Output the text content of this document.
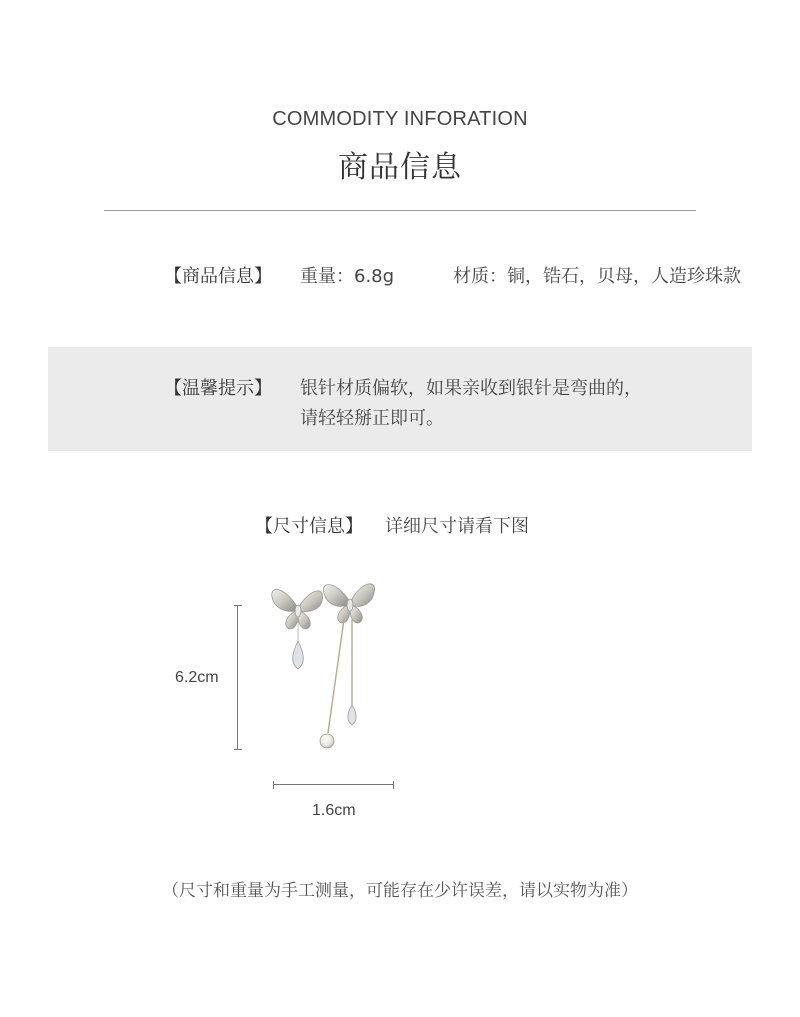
COMMODITY INFORATION
商品信息
【商品信息】 重量：6.8g	材质：铜，锆石，贝母，人造珍珠款
【温馨提示】 银针材质偏软，如果亲收到银针是弯曲的，
请轻轻掰正即可。
【尺寸信息】 详细尺寸请看下图
6.2cm
1.6cm
（尺寸和重量为手工测量，可能存在少许误差，请以实物为准）
